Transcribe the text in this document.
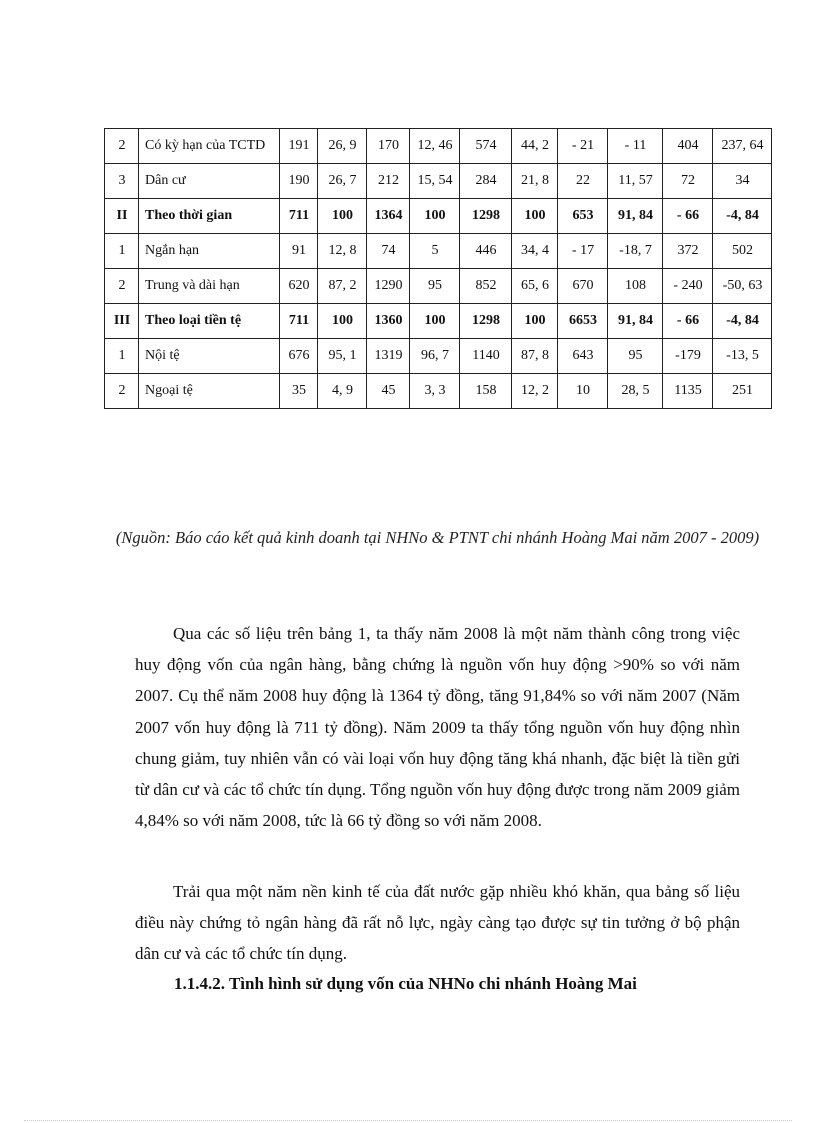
2	Có kỳ hạn của TCTD	191	26, 9	170	12, 46	574	44, 2	- 21	- 11	404	237, 64
3	Dân cư	190	26, 7	212	15, 54	284	21, 8	22	11, 57	72	34
II	Theo thời gian	711	100	1364	100	1298	100	653	91, 84	- 66	-4, 84
1	Ngắn hạn	91	12, 8	74	5	446	34, 4	- 17	-18, 7	372	502
2	Trung và dài hạn	620	87, 2	1290	95	852	65, 6	670	108	- 240	-50, 63
III	Theo loại tiền tệ	711	100	1360	100	1298	100	6653	91, 84	- 66	-4, 84
1	Nội tệ	676	95, 1	1319	96, 7	1140	87, 8	643	95	-179	-13, 5
2	Ngoại tệ	35	4, 9	45	3, 3	158	12, 2	10	28, 5	1135	251
(Nguồn: Báo cáo kết quả kinh doanh tại NHNo & PTNT chi nhánh Hoàng Mai năm 2007 - 2009)

Qua các số liệu trên bảng 1, ta thấy năm 2008 là một năm thành công trong việc huy động vốn của ngân hàng, bằng chứng là nguồn vốn huy động >90% so với năm 2007. Cụ thể năm 2008 huy động là 1364 tỷ đồng, tăng 91,84% so với năm 2007 (Năm 2007 vốn huy động là 711 tỷ đồng). Năm 2009 ta thấy tổng nguồn vốn huy động nhìn chung giảm, tuy nhiên vẫn có vài loại vốn huy động tăng khá nhanh, đặc biệt là tiền gửi từ dân cư và các tổ chức tín dụng. Tổng nguồn vốn huy động được trong năm 2009 giảm 4,84% so với năm 2008, tức là 66 tỷ đồng so với năm 2008.

Trải qua một năm nền kinh tế của đất nước gặp nhiều khó khăn, qua bảng số liệu điều này chứng tỏ ngân hàng đã rất nỗ lực, ngày càng tạo được sự tin tưởng ở bộ phận dân cư và các tổ chức tín dụng.

1.1.4.2. Tình hình sử dụng vốn của NHNo chi nhánh Hoàng Mai
